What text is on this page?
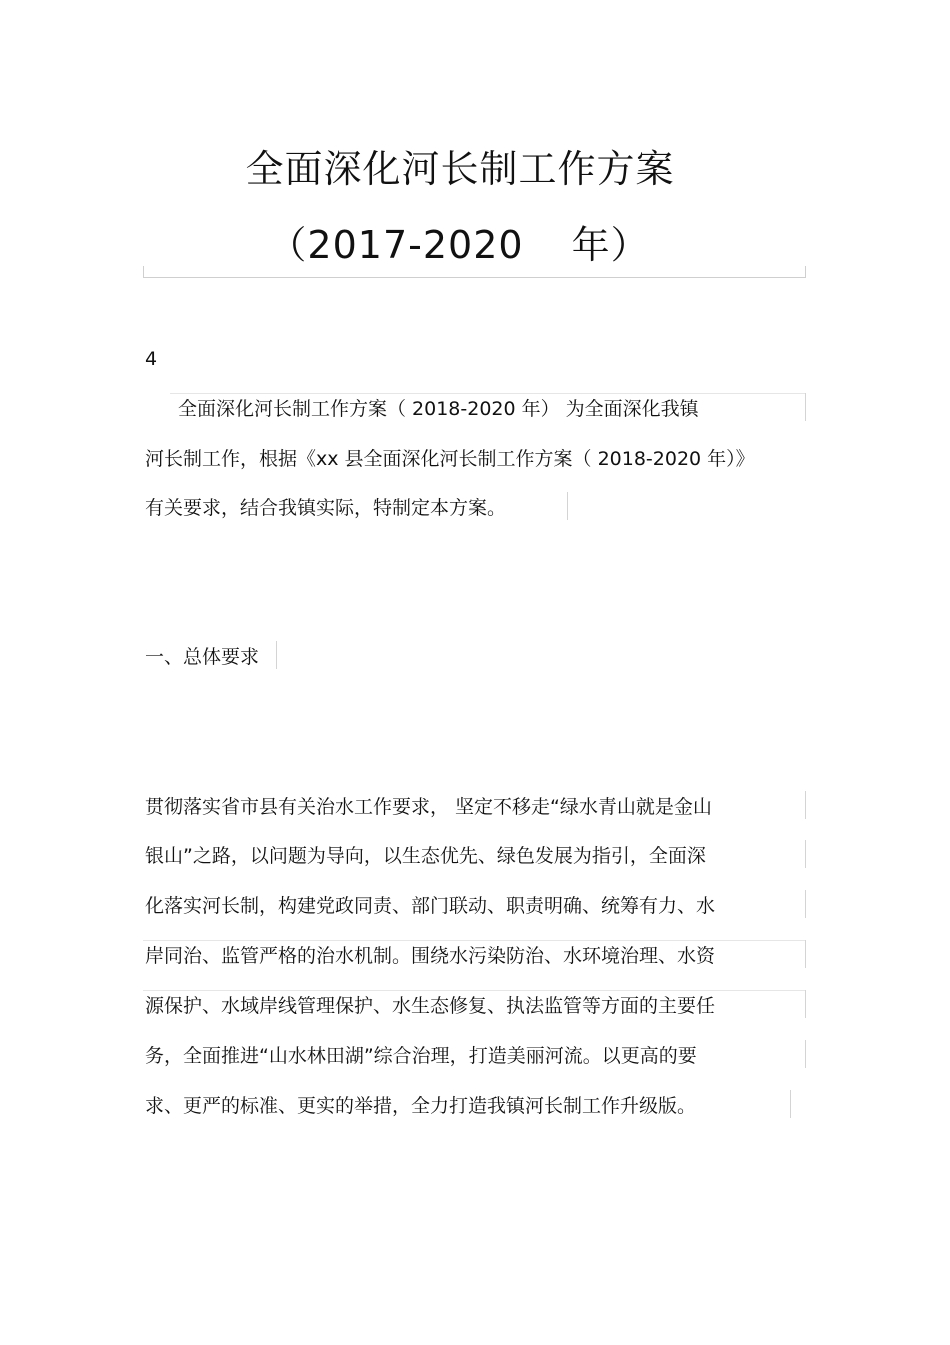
全面深化河长制工作方案
（2017-2020 年）
4
全面深化河长制工作方案（ 2018-2020 年） 为全面深化我镇
河长制工作，根据《xx 县全面深化河长制工作方案（ 2018-2020 年）》
有关要求，结合我镇实际，特制定本方案。
一、总体要求
贯彻落实省市县有关治水工作要求， 坚定不移走“绿水青山就是金山
银山”之路，以问题为导向，以生态优先、绿色发展为指引，全面深
化落实河长制，构建党政同责、部门联动、职责明确、统筹有力、水
岸同治、监管严格的治水机制。围绕水污染防治、水环境治理、水资
源保护、水域岸线管理保护、水生态修复、执法监管等方面的主要任
务，全面推进“山水林田湖”综合治理，打造美丽河流。以更高的要
求、更严的标准、更实的举措，全力打造我镇河长制工作升级版。
